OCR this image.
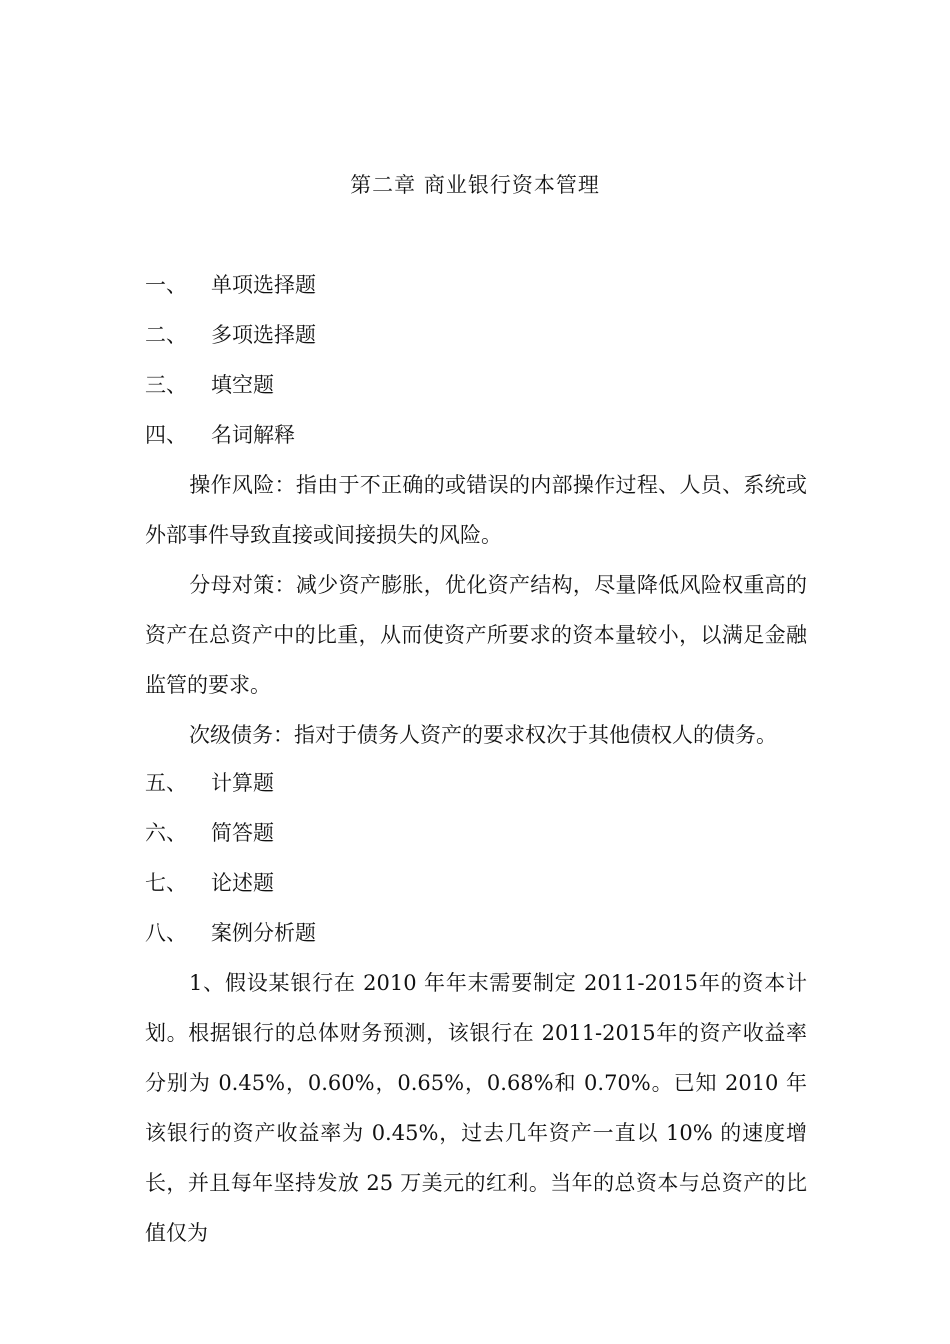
第二章 商业银行资本管理
一、 单项选择题
二、 多项选择题
三、 填空题
四、 名词解释
操作风险：指由于不正确的或错误的内部操作过程、人员、系统或外部事件导致直接或间接损失的风险。
分母对策：减少资产膨胀，优化资产结构，尽量降低风险权重高的资产在总资产中的比重，从而使资产所要求的资本量较小，以满足金融监管的要求。
次级债务：指对于债务人资产的要求权次于其他债权人的债务。
五、 计算题
六、 简答题
七、 论述题
八、 案例分析题
1、假设某银行在 2010 年年末需要制定 2011-2015年的资本计划。根据银行的总体财务预测，该银行在 2011-2015年的资产收益率分别为 0.45%，0.60%，0.65%，0.68%和 0.70%。已知 2010 年该银行的资产收益率为 0.45%，过去几年资产一直以 10% 的速度增长，并且每年坚持发放 25 万美元的红利。当年的总资本与总资产的比值仅为
